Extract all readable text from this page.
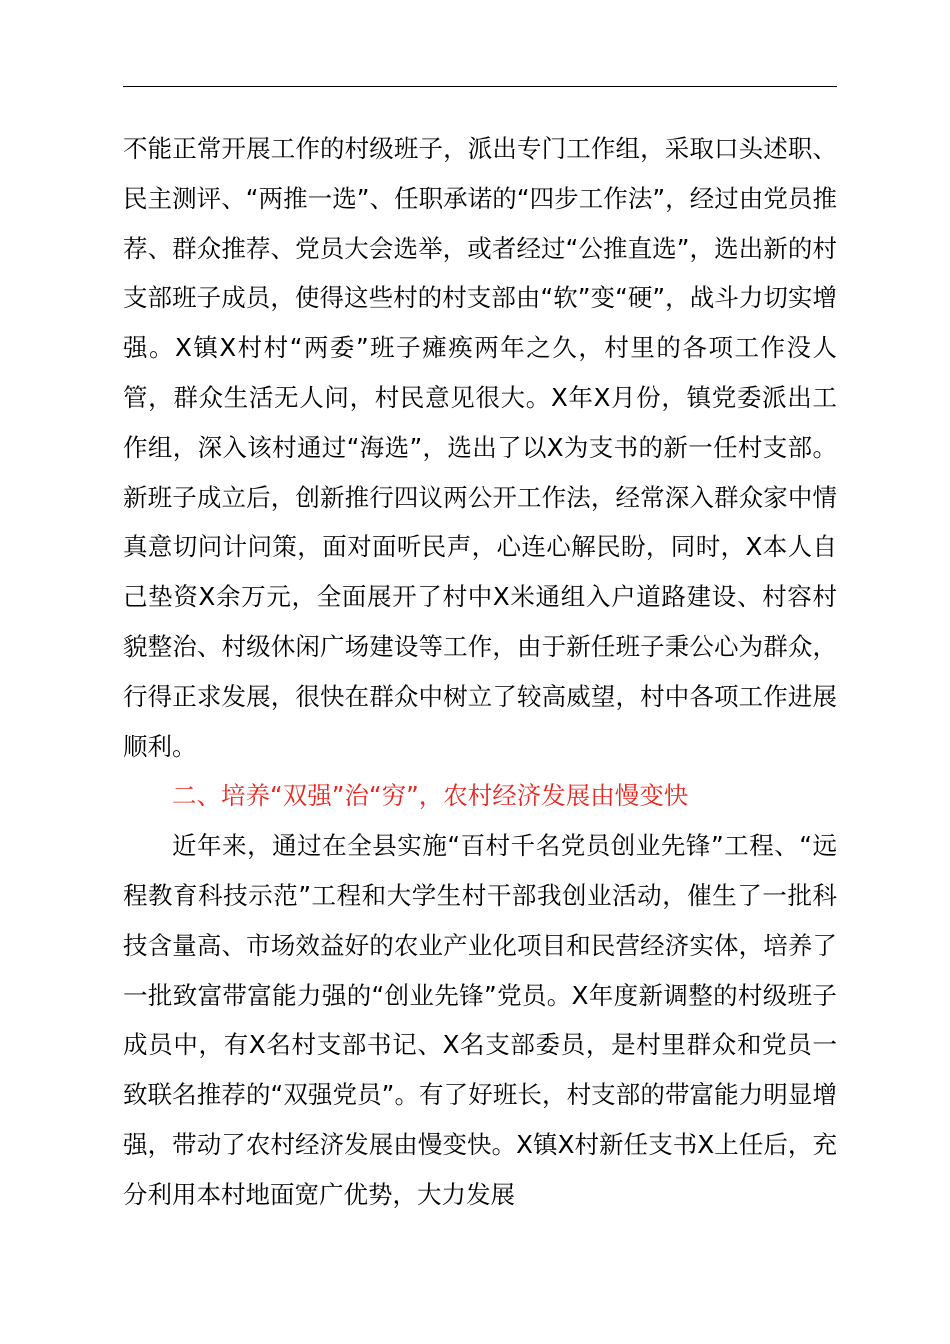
不能正常开展工作的村级班子，派出专门工作组，采取口头述职、民主测评、“两推一选”、任职承诺的“四步工作法”，经过由党员推荐、群众推荐、党员大会选举，或者经过“公推直选”，选出新的村支部班子成员，使得这些村的村支部由“软”变“硬”，战斗力切实增强。X镇X村村“两委”班子瘫痪两年之久，村里的各项工作没人管，群众生活无人问，村民意见很大。X年X月份，镇党委派出工作组，深入该村通过“海选”，选出了以X为支书的新一任村支部。新班子成立后，创新推行四议两公开工作法，经常深入群众家中情真意切问计问策，面对面听民声，心连心解民盼，同时，X本人自己垫资X余万元，全面展开了村中X米通组入户道路建设、村容村貌整治、村级休闲广场建设等工作，由于新任班子秉公心为群众，行得正求发展，很快在群众中树立了较高威望，村中各项工作进展顺利。

二、培养“双强”治“穷”，农村经济发展由慢变快

近年来，通过在全县实施“百村千名党员创业先锋”工程、“远程教育科技示范”工程和大学生村干部我创业活动，催生了一批科技含量高、市场效益好的农业产业化项目和民营经济实体，培养了一批致富带富能力强的“创业先锋”党员。X年度新调整的村级班子成员中，有X名村支部书记、X名支部委员，是村里群众和党员一致联名推荐的“双强党员”。有了好班长，村支部的带富能力明显增强，带动了农村经济发展由慢变快。X镇X村新任支书X上任后，充分利用本村地面宽广优势，大力发展
